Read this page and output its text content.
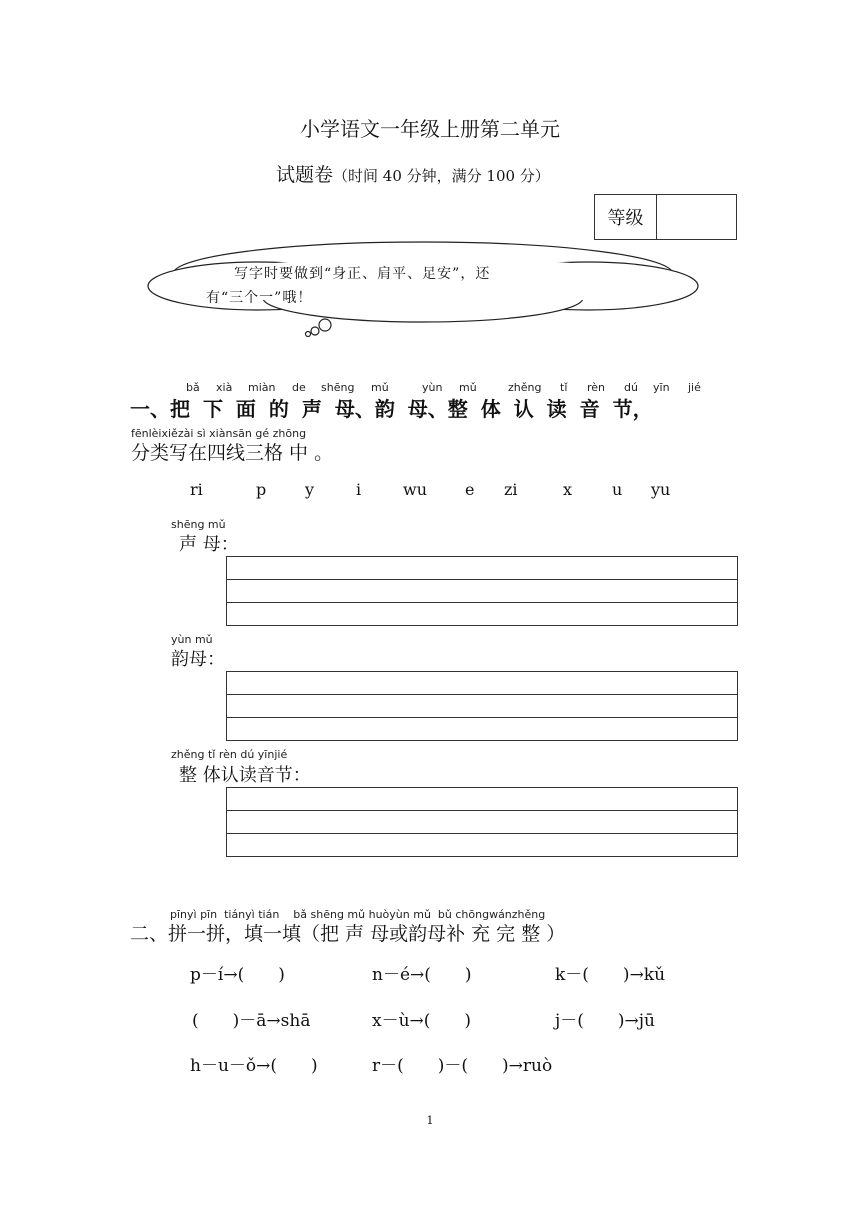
小学语文一年级上册第二单元
试题卷（时间 40 分钟，满分 100 分）
等级
写字时要做到“身正、肩平、足安”，还
有“三个一”哦！
bǎ xià miàn de shēng mǔ	yùn mǔ	zhěng tǐ rèn dú yīn jié
一、把 下 面 的 声 母、韵 母、整 体 认 读 音 节，
fēnlèixiězài sì xiànsān gé zhōng
分类写在四线三格 中 。
ri	p y	i	wu e zi	x u yu
shēng mǔ
声 母：
yùn mǔ
韵母：
zhěng tǐ rèn dú yīnjié
整 体认读音节：
pīnyì pīn  tiányì tián    bǎ shēng mǔ huòyùn mǔ  bǔ chōngwánzhěng
二、拼一拼，填一填（把 声 母或韵母补 充 完 整 ）
p－í→(　　)	n－é→(　　)	k－(　　)→kǔ
(　　)－ā→shā	x－ù→(　　)	j－(　　)→jū
h－u－ǒ→(　　)	r－(　　)－(　　)→ruò
1
